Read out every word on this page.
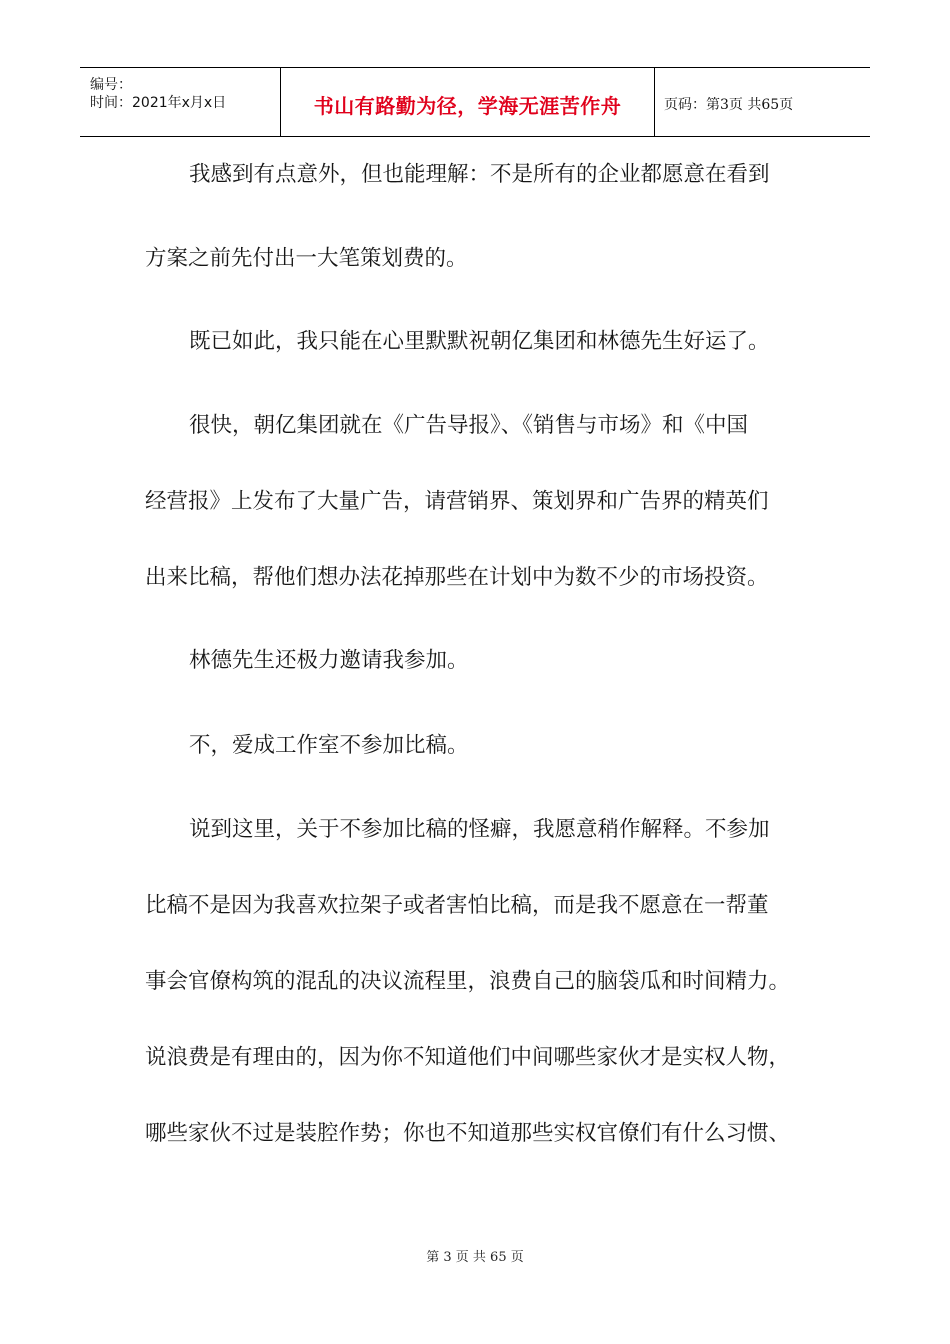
编号：
时间：2021年x月x日	书山有路勤为径，学海无涯苦作舟	页码：第3页 共65页
我感到有点意外，但也能理解：不是所有的企业都愿意在看到
方案之前先付出一大笔策划费的。
既已如此，我只能在心里默默祝朝亿集团和林德先生好运了。
很快，朝亿集团就在《广告导报》、《销售与市场》和《中国
经营报》上发布了大量广告，请营销界、策划界和广告界的精英们
出来比稿，帮他们想办法花掉那些在计划中为数不少的市场投资。
林德先生还极力邀请我参加。
不，爱成工作室不参加比稿。
说到这里，关于不参加比稿的怪癖，我愿意稍作解释。不参加
比稿不是因为我喜欢拉架子或者害怕比稿，而是我不愿意在一帮董
事会官僚构筑的混乱的决议流程里，浪费自己的脑袋瓜和时间精力。
说浪费是有理由的，因为你不知道他们中间哪些家伙才是实权人物，
哪些家伙不过是装腔作势；你也不知道那些实权官僚们有什么习惯、
第 3 页 共 65 页
